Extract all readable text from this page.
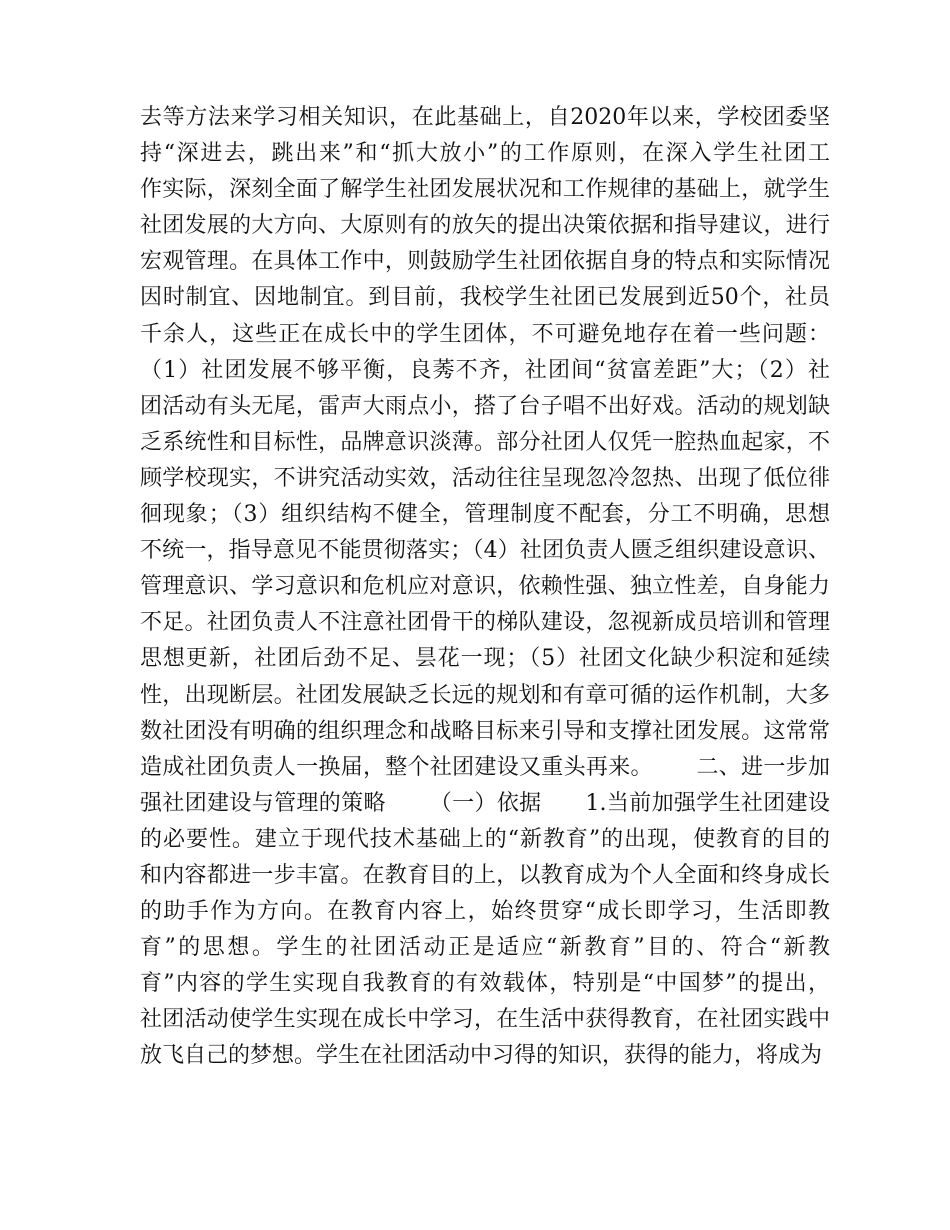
去等方法来学习相关知识，在此基础上，自2020年以来，学校团委坚
持“深进去，跳出来”和“抓大放小”的工作原则，在深入学生社团工
作实际，深刻全面了解学生社团发展状况和工作规律的基础上，就学生
社团发展的大方向、大原则有的放矢的提出决策依据和指导建议，进行
宏观管理。在具体工作中，则鼓励学生社团依据自身的特点和实际情况
因时制宜、因地制宜。到目前，我校学生社团已发展到近50个，社员
千余人，这些正在成长中的学生团体，不可避免地存在着一些问题：
（1）社团发展不够平衡，良莠不齐，社团间“贫富差距”大；（2）社
团活动有头无尾，雷声大雨点小，搭了台子唱不出好戏。活动的规划缺
乏系统性和目标性，品牌意识淡薄。部分社团人仅凭一腔热血起家，不
顾学校现实，不讲究活动实效，活动往往呈现忽冷忽热、出现了低位徘
徊现象；（3）组织结构不健全，管理制度不配套，分工不明确，思想
不统一，指导意见不能贯彻落实；（4）社团负责人匮乏组织建设意识、
管理意识、学习意识和危机应对意识，依赖性强、独立性差，自身能力
不足。社团负责人不注意社团骨干的梯队建设，忽视新成员培训和管理
思想更新，社团后劲不足、昙花一现；（5）社团文化缺少积淀和延续
性，出现断层。社团发展缺乏长远的规划和有章可循的运作机制，大多
数社团没有明确的组织理念和战略目标来引导和支撑社团发展。这常常
造成社团负责人一换届，整个社团建设又重头再来。      二、进一步加
强社团建设与管理的策略      （一）依据      1.当前加强学生社团建设
的必要性。建立于现代技术基础上的“新教育”的出现，使教育的目的
和内容都进一步丰富。在教育目的上，以教育成为个人全面和终身成长
的助手作为方向。在教育内容上，始终贯穿“成长即学习，生活即教
育”的思想。学生的社团活动正是适应“新教育”目的、符合“新教
育”内容的学生实现自我教育的有效载体，特别是“中国梦”的提出，
社团活动使学生实现在成长中学习，在生活中获得教育，在社团实践中
放飞自己的梦想。学生在社团活动中习得的知识，获得的能力，将成为
